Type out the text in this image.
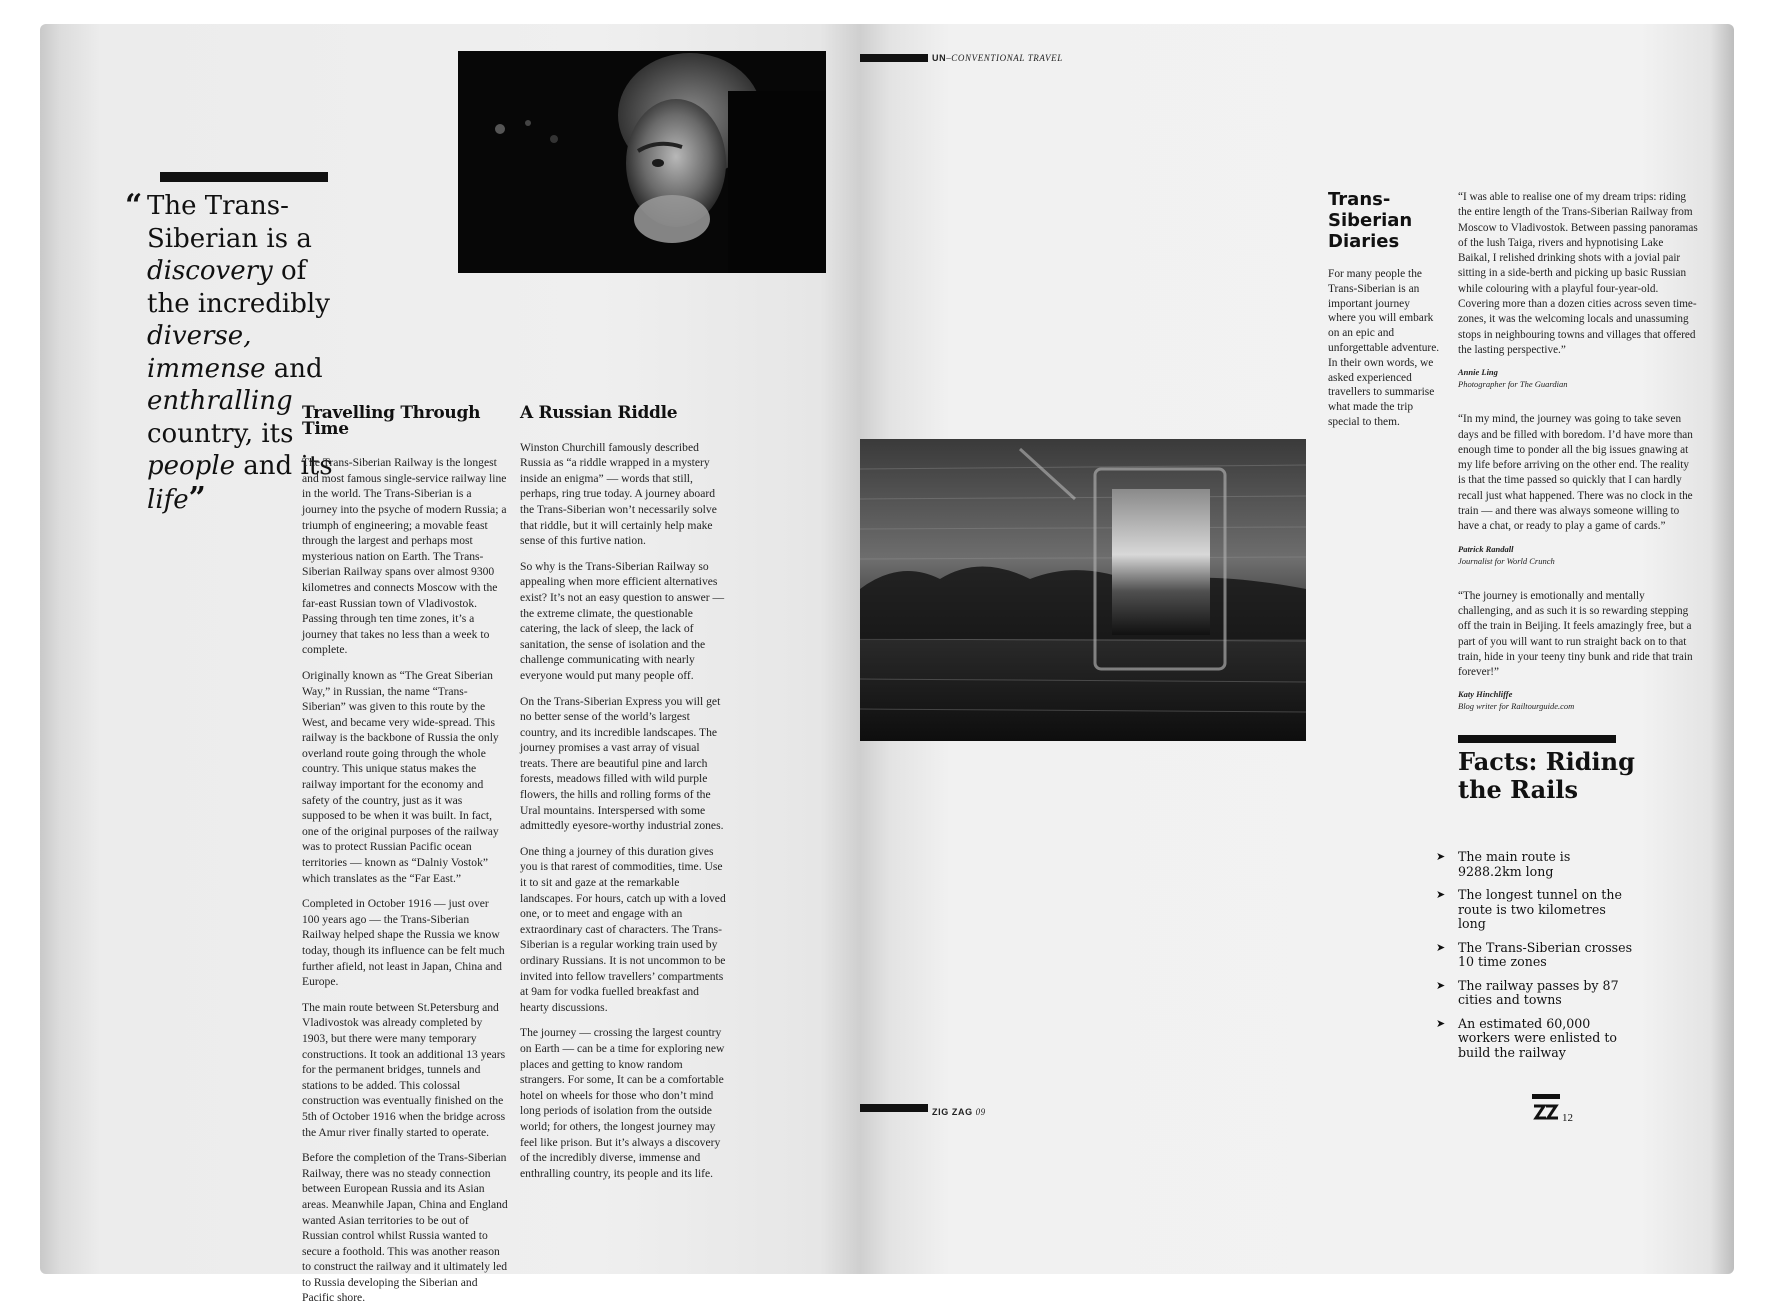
“ The Trans-Siberian is a discovery of the incredibly diverse, immense and enthralling country, its people and its life”
Travelling Through Time

The Trans-Siberian Railway is the longest and most famous single-service railway line in the world. The Trans-Siberian is a journey into the psyche of modern Russia; a triumph of engineering; a movable feast through the largest and perhaps most mysterious nation on Earth. The Trans-Siberian Railway spans over almost 9300 kilometres and connects Moscow with the far-east Russian town of Vladivostok. Passing through ten time zones, it’s a journey that takes no less than a week to complete.

Originally known as “The Great Siberian Way,” in Russian, the name “Trans-Siberian” was given to this route by the West, and became very wide-spread. This railway is the backbone of Russia the only overland route going through the whole country. This unique status makes the railway important for the economy and safety of the country, just as it was supposed to be when it was built. In fact, one of the original purposes of the railway was to protect Russian Pacific ocean territories — known as “Dalniy Vostok” which translates as the “Far East.”

Completed in October 1916 — just over 100 years ago — the Trans-Siberian Railway helped shape the Russia we know today, though its influence can be felt much further afield, not least in Japan, China and Europe.

The main route between St.Petersburg and Vladivostok was already completed by 1903, but there were many temporary constructions. It took an additional 13 years for the permanent bridges, tunnels and stations to be added. This colossal construction was eventually finished on the 5th of October 1916 when the bridge across the Amur river finally started to operate.

Before the completion of the Trans-Siberian Railway, there was no steady connection between European Russia and its Asian areas. Meanwhile Japan, China and England wanted Asian territories to be out of Russian control whilst Russia wanted to secure a foothold. This was another reason to construct the railway and it ultimately led to Russia developing the Siberian and Pacific shore.

A Russian Riddle

Winston Churchill famously described Russia as “a riddle wrapped in a mystery inside an enigma” — words that still, perhaps, ring true today. A journey aboard the Trans-Siberian won’t necessarily solve that riddle, but it will certainly help make sense of this furtive nation.

So why is the Trans-Siberian Railway so appealing when more efficient alternatives exist? It’s not an easy question to answer — the extreme climate, the questionable catering, the lack of sleep, the lack of sanitation, the sense of isolation and the challenge communicating with nearly everyone would put many people off.

On the Trans-Siberian Express you will get no better sense of the world’s largest country, and its incredible landscapes. The journey promises a vast array of visual treats. There are beautiful pine and larch forests, meadows filled with wild purple flowers, the hills and rolling forms of the Ural mountains. Interspersed with some admittedly eyesore-worthy industrial zones.

One thing a journey of this duration gives you is that rarest of commodities, time. Use it to sit and gaze at the remarkable landscapes. For hours, catch up with a loved one, or to meet and engage with an extraordinary cast of characters. The Trans-Siberian is a regular working train used by ordinary Russians. It is not uncommon to be invited into fellow travellers’ compartments at 9am for vodka fuelled breakfast and hearty discussions.

The journey — crossing the largest country on Earth — can be a time for exploring new places and getting to know random strangers. For some, It can be a comfortable hotel on wheels for those who don’t mind long periods of isolation from the outside world; for others, the longest journey may feel like prison. But it’s always a discovery of the incredibly diverse, immense and enthralling country, its people and its life.

UN–CONVENTIONAL TRAVEL
Trans-Siberian Diaries
For many people the Trans-Siberian is an important journey where you will embark on an epic and unforgettable adventure. In their own words, we asked experienced travellers to summarise what made the trip special to them.

“I was able to realise one of my dream trips: riding the entire length of the Trans-Siberian Railway from Moscow to Vladivostok. Between passing panoramas of the lush Taiga, rivers and hypnotising Lake Baikal, I relished drinking shots with a jovial pair sitting in a side-berth and picking up basic Russian while colouring with a playful four-year-old. Covering more than a dozen cities across seven time-zones, it was the welcoming locals and unassuming stops in neighbouring towns and villages that offered the lasting perspective.”

Annie Ling
Photographer for The Guardian

“In my mind, the journey was going to take seven days and be filled with boredom. I’d have more than enough time to ponder all the big issues gnawing at my life before arriving on the other end. The reality is that the time passed so quickly that I can hardly recall just what happened. There was no clock in the train — and there was always someone willing to have a chat, or ready to play a game of cards.”

Patrick Randall
Journalist for World Crunch

“The journey is emotionally and mentally challenging, and as such it is so rewarding stepping off the train in Beijing. It feels amazingly free, but a part of you will want to run straight back on to that train, hide in your teeny tiny bunk and ride that train forever!”

Katy Hinchliffe
Blog writer for Railtourguide.com
Facts: Riding the Rails
➤ The main route is 9288.2km long
➤ The longest tunnel on the route is two kilometres long
➤ The Trans-Siberian crosses 10 time zones
➤ The railway passes by 87 cities and towns
➤ An estimated 60,000 workers were enlisted to build the railway
ZIG ZAG 09	12
